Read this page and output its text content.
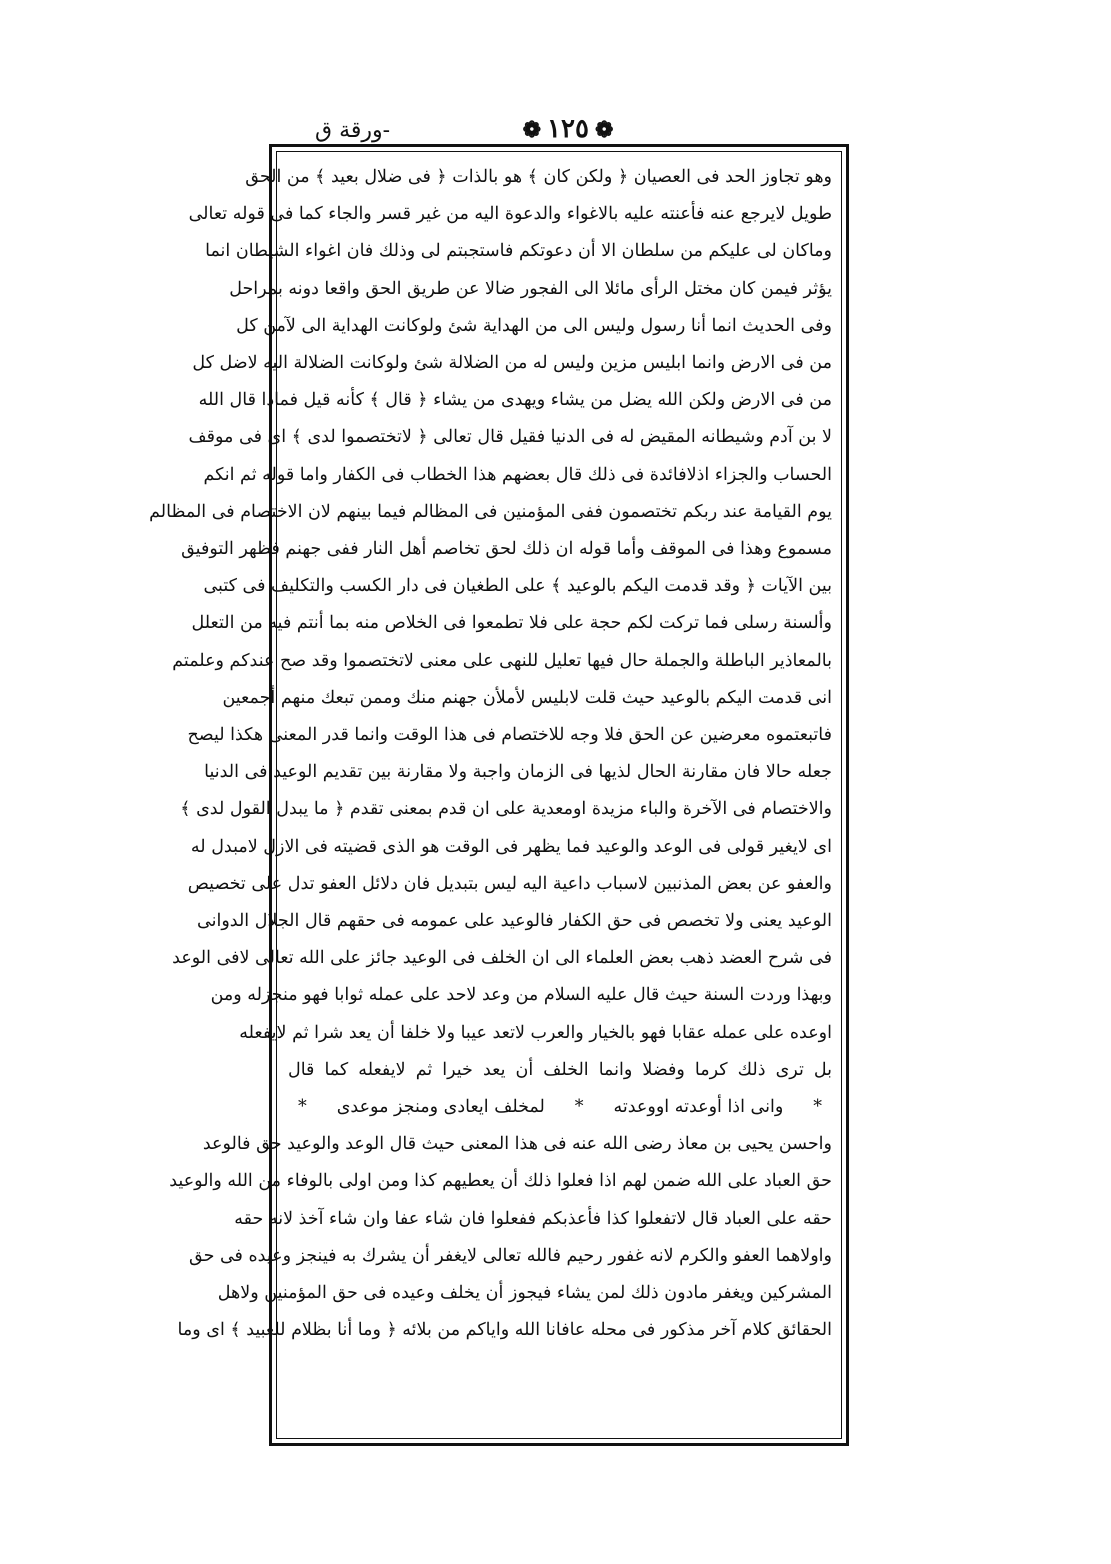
❁١٢٥❁
-ورقة ق
وهو تجاوز الحد فى العصيان ﴿ ولكن كان ﴾ هو بالذات ﴿ فى ضلال بعيد ﴾ من الحق
طويل لايرجع عنه فأعنته عليه بالاغواء والدعوة اليه من غير قسر والجاء كما فى قوله تعالى
وماكان لى عليكم من سلطان الا أن دعوتكم فاستجبتم لى وذلك فان اغواء الشيطان انما
يؤثر فيمن كان مختل الرأى مائلا الى الفجور ضالا عن طريق الحق واقعا دونه بمراحل
وفى الحديث انما أنا رسول وليس الى من الهداية شئ ولوكانت الهداية الى لآمن كل
من فى الارض وانما ابليس مزين وليس له من الضلالة شئ ولوكانت الضلالة اليه لاضل كل
من فى الارض ولكن الله يضل من يشاء ويهدى من يشاء ﴿ قال ﴾ كأنه قيل فماذا قال الله
لا بن آدم وشيطانه المقيض له فى الدنيا فقيل قال تعالى ﴿ لاتختصموا لدى ﴾ اى فى موقف
الحساب والجزاء اذلافائدة فى ذلك قال بعضهم هذا الخطاب فى الكفار واما قوله ثم انكم
يوم القيامة عند ربكم تختصمون ففى المؤمنين فى المظالم فيما بينهم لان الاختصام فى المظالم
مسموع وهذا فى الموقف وأما قوله ان ذلك لحق تخاصم أهل النار ففى جهنم فظهر التوفيق
بين الآيات ﴿ وقد قدمت اليكم بالوعيد ﴾ على الطغيان فى دار الكسب والتكليف فى كتبى
وألسنة رسلى فما تركت لكم حجة على فلا تطمعوا فى الخلاص منه بما أنتم فيه من التعلل
بالمعاذير الباطلة والجملة حال فيها تعليل للنهى على معنى لاتختصموا وقد صح عندكم وعلمتم
انى قدمت اليكم بالوعيد حيث قلت لابليس لأملأن جهنم منك وممن تبعك منهم أجمعين
فاتبعتموه معرضين عن الحق فلا وجه للاختصام فى هذا الوقت وانما قدر المعنى هكذا ليصح
جعله حالا فان مقارنة الحال لذيها فى الزمان واجبة ولا مقارنة بين تقديم الوعيد فى الدنيا
والاختصام فى الآخرة والباء مزيدة اومعدية على ان قدم بمعنى تقدم ﴿ ما يبدل القول لدى ﴾
اى لايغير قولى فى الوعد والوعيد فما يظهر فى الوقت هو الذى قضيته فى الازل لامبدل له
والعفو عن بعض المذنبين لاسباب داعية اليه ليس بتبديل فان دلائل العفو تدل على تخصيص
الوعيد يعنى ولا تخصص فى حق الكفار فالوعيد على عمومه فى حقهم قال الجلال الدوانى
فى شرح العضد ذهب بعض العلماء الى ان الخلف فى الوعيد جائز على الله تعالى لافى الوعد
وبهذا وردت السنة حيث قال عليه السلام من وعد لاحد على عمله ثوابا فهو منجزله ومن
اوعده على عمله عقابا فهو بالخيار والعرب لاتعد عيبا ولا خلفا أن يعد شرا ثم لايفعله
بل ترى ذلك كرما وفضلا وانما الخلف أن يعد خيرا ثم لايفعله كما قال
*
وانى اذا أوعدته اووعدته
*
لمخلف ايعادى ومنجز موعدى
*
واحسن يحيى بن معاذ رضى الله عنه فى هذا المعنى حيث قال الوعد والوعيد حق فالوعد
حق العباد على الله ضمن لهم اذا فعلوا ذلك أن يعطيهم كذا ومن اولى بالوفاء من الله والوعيد
حقه على العباد قال لاتفعلوا كذا فأعذبكم ففعلوا فان شاء عفا وان شاء آخذ لانه حقه
واولاهما العفو والكرم لانه غفور رحيم فالله تعالى لايغفر أن يشرك به فينجز وعيده فى حق
المشركين ويغفر مادون ذلك لمن يشاء فيجوز أن يخلف وعيده فى حق المؤمنين ولاهل
الحقائق كلام آخر مذكور فى محله عافانا الله واياكم من بلائه ﴿ وما أنا بظلام للعبيد ﴾ اى وما
